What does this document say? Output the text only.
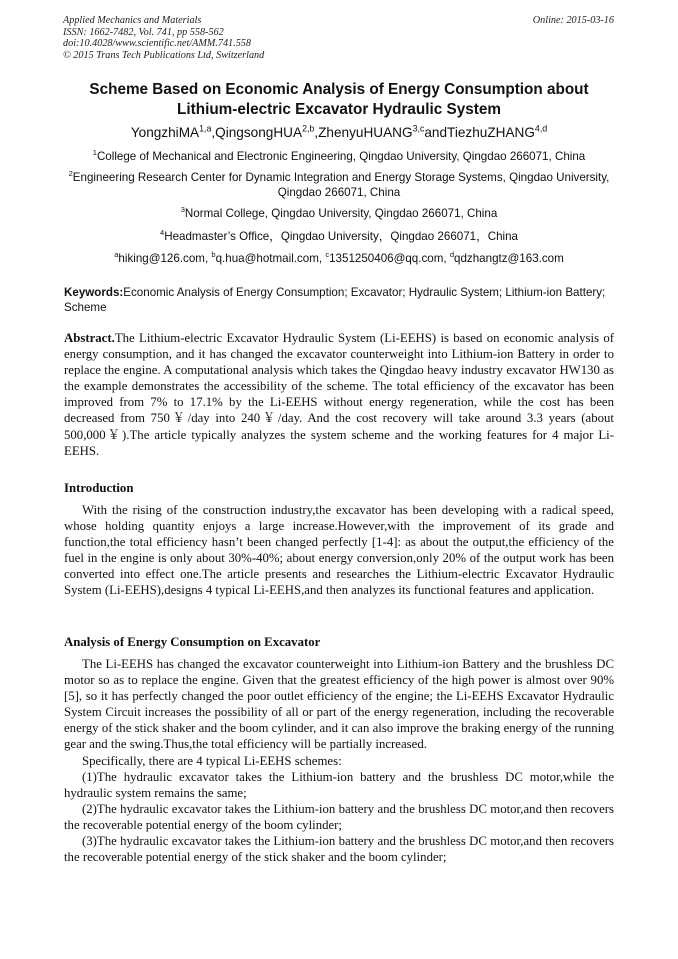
Applied Mechanics and Materials
ISSN: 1662-7482, Vol. 741, pp 558-562
doi:10.4028/www.scientific.net/AMM.741.558
© 2015 Trans Tech Publications Ltd, Switzerland
Online: 2015-03-16
Scheme Based on Economic Analysis of Energy Consumption about
Lithium-electric Excavator Hydraulic System
YongzhiMA$^{1,a}$,QingsongHUA$^{2,b}$,ZhenyuHUANG$^{3,c}$andTiezhuZHANG$^{4,d}$
$^1$College of Mechanical and Electronic Engineering, Qingdao University, Qingdao 266071, China
$^2$Engineering Research Center for Dynamic Integration and Energy Storage Systems, Qingdao University, Qingdao 266071, China
$^3$Normal College, Qingdao University, Qingdao 266071, China
$^4$Headmaster’s Office，Qingdao University，Qingdao 266071，China
$^a$hiking@126.com, $^b$q.hua@hotmail.com, $^c$1351250406@qq.com, $^d$qdzhangtz@163.com
Keywords:Economic Analysis of Energy Consumption; Excavator; Hydraulic System; Lithium-ion Battery; Scheme

Abstract.The Lithium-electric Excavator Hydraulic System (Li-EEHS) is based on economic analysis of energy consumption, and it has changed the excavator counterweight into Lithium-ion Battery in order to replace the engine. A computational analysis which takes the Qingdao heavy industry excavator HW130 as the example demonstrates the accessibility of the scheme. The total efficiency of the excavator has been improved from 7% to 17.1% by the Li-EEHS without energy regeneration, while the cost has been decreased from 750￥/day into 240￥/day. And the cost recovery will take around 3.3 years (about 500,000￥).The article typically analyzes the system scheme and the working features for 4 major Li-EEHS.

Introduction

With the rising of the construction industry,the excavator has been developing with a radical speed, whose holding quantity enjoys a large increase.However,with the improvement of its grade and function,the total efficiency hasn’t been changed perfectly [1-4]: as about the output,the efficiency of the fuel in the engine is only about 30%-40%; about energy conversion,only 20% of the output work has been converted into effect one.The article presents and researches the Lithium-electric Excavator Hydraulic System (Li-EEHS),designs 4 typical Li-EEHS,and then analyzes its functional features and application.

Analysis of Energy Consumption on Excavator

The Li-EEHS has changed the excavator counterweight into Lithium-ion Battery and the brushless DC motor so as to replace the engine. Given that the greatest efficiency of the high power is almost over 90% [5], so it has perfectly changed the poor outlet efficiency of the engine; the Li-EEHS Excavator Hydraulic System Circuit increases the possibility of all or part of the energy regeneration, including the recoverable energy of the stick shaker and the boom cylinder, and it can also improve the braking energy of the running gear and the swing.Thus,the total efficiency will be partially increased.

Specifically, there are 4 typical Li-EEHS schemes:

(1)The hydraulic excavator takes the Lithium-ion battery and the brushless DC motor,while the hydraulic system remains the same;

(2)The hydraulic excavator takes the Lithium-ion battery and the brushless DC motor,and then recovers the recoverable potential energy of the boom cylinder;

(3)The hydraulic excavator takes the Lithium-ion battery and the brushless DC motor,and then recovers the recoverable potential energy of the stick shaker and the boom cylinder;
